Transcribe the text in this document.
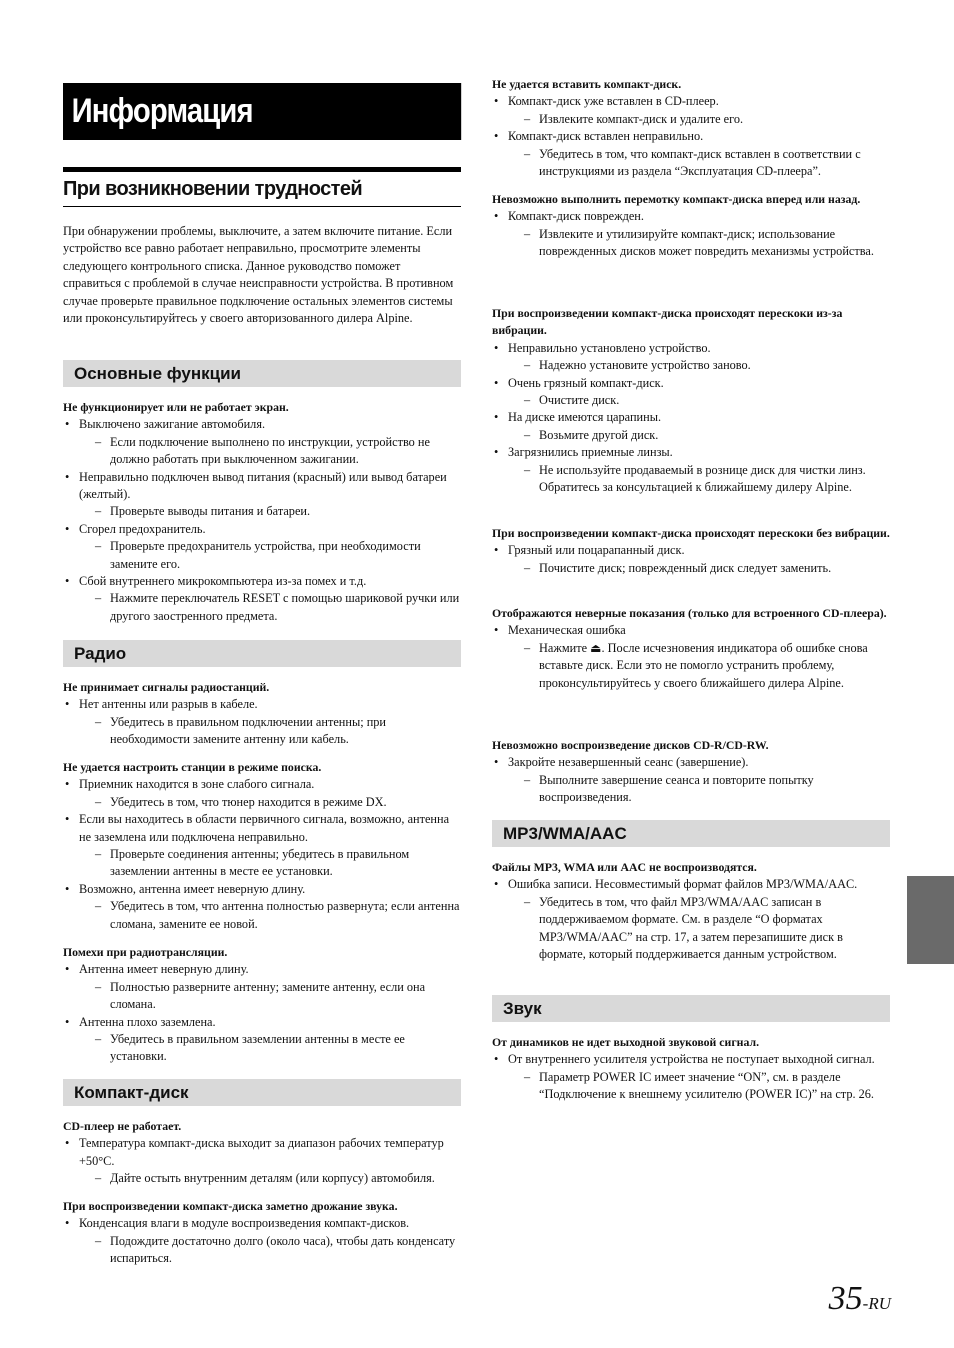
Информация
При возникновении трудностей

При обнаружении проблемы, выключите, а затем включите питание. Если устройство все равно работает неправильно, просмотрите элементы следующего контрольного списка. Данное руководство поможет справиться с проблемой в случае неисправности устройства. В противном случае проверьте правильное подключение остальных элементов системы или проконсультируйтесь у своего авторизованного дилера Alpine.

Основные функции

Не функционирует или не работает экран.

• Выключено зажигание автомобиля.
– Если подключение выполнено по инструкции, устройство не должно работать при выключенном зажигании.
• Неправильно подключен вывод питания (красный) или вывод батареи (желтый).
– Проверьте выводы питания и батареи.
• Сгорел предохранитель.
– Проверьте предохранитель устройства, при необходимости замените его.
• Сбой внутреннего микрокомпьютера из-за помех и т.д.
– Нажмите переключатель RESET с помощью шариковой ручки или другого заостренного предмета.
Радио

Не принимает сигналы радиостанций.

• Нет антенны или разрыв в кабеле.
– Убедитесь в правильном подключении антенны; при необходимости замените антенну или кабель.

Не удается настроить станции в режиме поиска.

• Приемник находится в зоне слабого сигнала.
– Убедитесь в том, что тюнер находится в режиме DX.
• Если вы находитесь в области первичного сигнала, возможно, антенна не заземлена или подключена неправильно.
– Проверьте соединения антенны; убедитесь в правильном заземлении антенны в месте ее установки.
• Возможно, антенна имеет неверную длину.
– Убедитесь в том, что антенна полностью развернута; если антенна сломана, замените ее новой.

Помехи при радиотрансляции.

• Антенна имеет неверную длину.
– Полностью разверните антенну; замените антенну, если она сломана.
• Антенна плохо заземлена.
– Убедитесь в правильном заземлении антенны в месте ее установки.
Компакт-диск

CD-плеер не работает.

• Температура компакт-диска выходит за диапазон рабочих температур +50°C.
– Дайте остыть внутренним деталям (или корпусу) автомобиля.

При воспроизведении компакт-диска заметно дрожание звука.

• Конденсация влаги в модуле воспроизведения компакт-дисков.
– Подождите достаточно долго (около часа), чтобы дать конденсату испариться.

Не удается вставить компакт-диск.

• Компакт-диск уже вставлен в CD-плеер.
– Извлеките компакт-диск и удалите его.
• Компакт-диск вставлен неправильно.
– Убедитесь в том, что компакт-диск вставлен в соответствии с инструкциями из раздела “Эксплуатация CD-плеера”.

Невозможно выполнить перемотку компакт-диска вперед или назад.

• Компакт-диск поврежден.
– Извлеките и утилизируйте компакт-диск; использование поврежденных дисков может повредить механизмы устройства.

При воспроизведении компакт-диска происходят перескоки из-за вибрации.

• Неправильно установлено устройство.
– Надежно установите устройство заново.
• Очень грязный компакт-диск.
– Очистите диск.
• На диске имеются царапины.
– Возьмите другой диск.
• Загрязнились приемные линзы.
– Не используйте продаваемый в рознице диск для чистки линз. Обратитесь за консультацией к ближайшему дилеру Alpine.

При воспроизведении компакт-диска происходят перескоки без вибрации.

• Грязный или поцарапанный диск.
– Почистите диск; поврежденный диск следует заменить.

Отображаются неверные показания (только для встроенного CD-плеера).

• Механическая ошибка
– Нажмите ⏏. После исчезновения индикатора об ошибке снова вставьте диск. Если это не помогло устранить проблему, проконсультируйтесь у своего ближайшего дилера Alpine.

Невозможно воспроизведение дисков CD-R/CD-RW.

• Закройте незавершенный сеанс (завершение).
– Выполните завершение сеанса и повторите попытку воспроизведения.
MP3/WMA/AAC

Файлы MP3, WMA или AAC не воспроизводятся.

• Ошибка записи. Несовместимый формат файлов MP3/WMA/AAC.
– Убедитесь в том, что файл MP3/WMA/AAC записан в поддерживаемом формате. См. в разделе “О форматах MP3/WMA/AAC” на стр. 17, а затем перезапишите диск в формате, который поддерживается данным устройством.
Звук

От динамиков не идет выходной звуковой сигнал.

• От внутреннего усилителя устройства не поступает выходной сигнал.
– Параметр POWER IC имеет значение “ON”, см. в разделе “Подключение к внешнему усилителю (POWER IC)” на стр. 26.
35-RU
